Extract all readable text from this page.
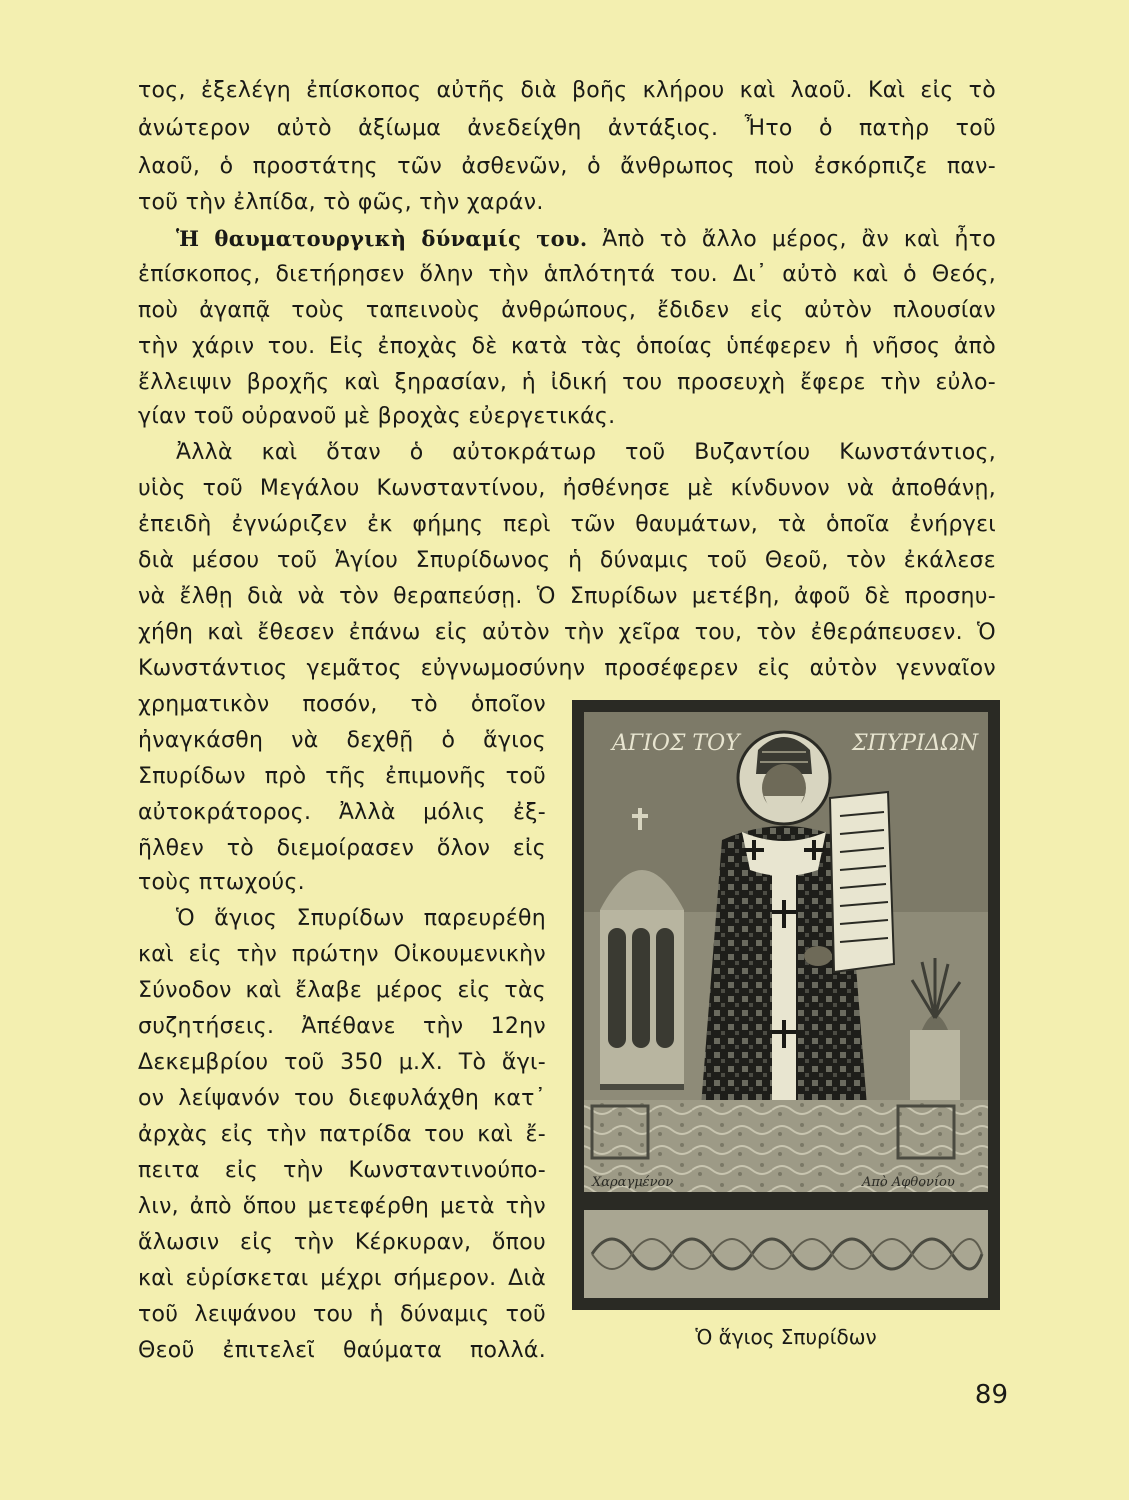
τος, ἐξελέγη ἐπίσκοπος αὐτῆς διὰ βοῆς κλήρου καὶ λαοῦ. Καὶ εἰς τὸ
ἀνώτερον αὐτὸ ἀξίωμα ἀνεδείχθη ἀντάξιος. Ἦτο ὁ πατὴρ τοῦ
λαοῦ, ὁ προστάτης τῶν ἀσθενῶν, ὁ ἄνθρωπος ποὺ ἐσκόρπιζε παν-
τοῦ τὴν ἐλπίδα, τὸ φῶς, τὴν χαράν.
Ἡ θαυματουργικὴ δύναμίς του. Ἀπὸ τὸ ἄλλο μέρος, ἂν καὶ ἦτο
ἐπίσκοπος, διετήρησεν ὅλην τὴν ἁπλότητά του. Δι᾽ αὐτὸ καὶ ὁ Θεός,
ποὺ ἀγαπᾷ τοὺς ταπεινοὺς ἀνθρώπους, ἔδιδεν εἰς αὐτὸν πλουσίαν
τὴν χάριν του. Εἰς ἐποχὰς δὲ κατὰ τὰς ὁποίας ὑπέφερεν ἡ νῆσος ἀπὸ
ἔλλειψιν βροχῆς καὶ ξηρασίαν, ἡ ἰδική του προσευχὴ ἔφερε τὴν εὐλο-
γίαν τοῦ οὐρανοῦ μὲ βροχὰς εὐεργετικάς.
Ἀλλὰ καὶ ὅταν ὁ αὐτοκράτωρ τοῦ Βυζαντίου Κωνστάντιος,
υἱὸς τοῦ Μεγάλου Κωνσταντίνου, ἠσθένησε μὲ κίνδυνον νὰ ἀποθάνῃ,
ἐπειδὴ ἐγνώριζεν ἐκ φήμης περὶ τῶν θαυμάτων, τὰ ὁποῖα ἐνήργει
διὰ μέσου τοῦ Ἁγίου Σπυρίδωνος ἡ δύναμις τοῦ Θεοῦ, τὸν ἐκάλεσε
νὰ ἔλθῃ διὰ νὰ τὸν θεραπεύσῃ. Ὁ Σπυρίδων μετέβη, ἀφοῦ δὲ προσηυ-
χήθη καὶ ἔθεσεν ἐπάνω εἰς αὐτὸν τὴν χεῖρα του, τὸν ἐθεράπευσεν. Ὁ
Κωνστάντιος γεμᾶτος εὐγνωμοσύνην προσέφερεν εἰς αὐτὸν γενναῖον
χρηματικὸν ποσόν, τὸ ὁποῖον
ἠναγκάσθη νὰ δεχθῇ ὁ ἅγιος
Σπυρίδων πρὸ τῆς ἐπιμονῆς τοῦ
αὐτοκράτορος. Ἀλλὰ μόλις ἐξ-
ῆλθεν τὸ διεμοίρασεν ὅλον εἰς
τοὺς πτωχούς.
Ὁ ἅγιος Σπυρίδων παρευρέθη
καὶ εἰς τὴν πρώτην Οἰκουμενικὴν
Σύνοδον καὶ ἔλαβε μέρος εἰς τὰς
συζητήσεις. Ἀπέθανε τὴν 12ην
Δεκεμβρίου τοῦ 350 μ.Χ. Τὸ ἅγι-
ον λείψανόν του διεφυλάχθη κατ᾽
ἀρχὰς εἰς τὴν πατρίδα του καὶ ἔ-
πειτα εἰς τὴν Κωνσταντινούπο-
λιν, ἀπὸ ὅπου μετεφέρθη μετὰ τὴν
ἅλωσιν εἰς τὴν Κέρκυραν, ὅπου
καὶ εὑρίσκεται μέχρι σήμερον. Διὰ
τοῦ λειψάνου του ἡ δύναμις τοῦ
Θεοῦ ἐπιτελεῖ θαύματα πολλά.
ΑΓΙΟΣ ΤΟΥ	ΣΠΥΡΙΔΩΝ
Χαραγμένον	Απὸ Αφθονίου
Ὁ ἅγιος Σπυρίδων
89
